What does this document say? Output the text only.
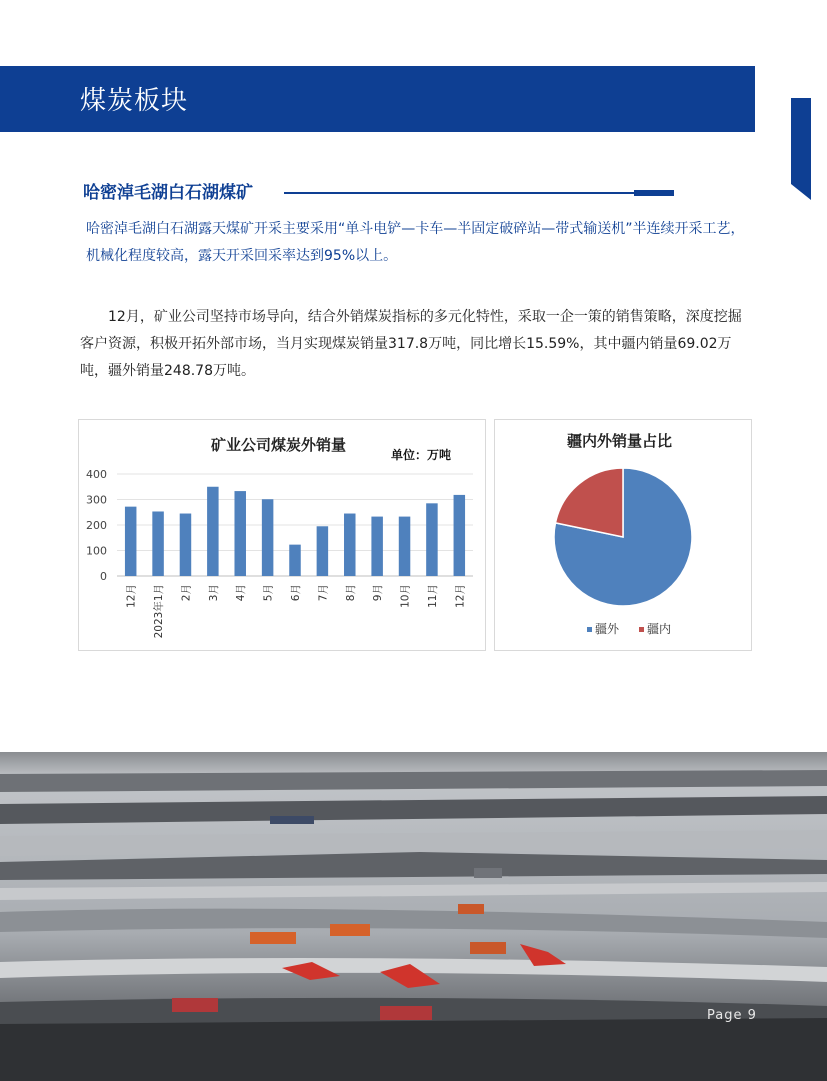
煤炭板块
哈密淖毛湖白石湖煤矿
哈密淖毛湖白石湖露天煤矿开采主要采用“单斗电铲—卡车—半固定破碎站—带式输送机”半连续开采工艺，机械化程度较高，露天开采回采率达到95%以上。
12月，矿业公司坚持市场导向，结合外销煤炭指标的多元化特性，采取一企一策的销售策略，深度挖掘客户资源，积极开拓外部市场，当月实现煤炭销量317.8万吨，同比增长15.59%，其中疆内销量69.02万吨，疆外销量248.78万吨。
矿业公司煤炭外销量
单位：万吨
0
100
200
300
400
12月 2023年1月 2月 3月 4月 5月 6月 7月 8月 9月 10月 11月 12月
疆内外销量占比
疆外 疆内
Page 9
